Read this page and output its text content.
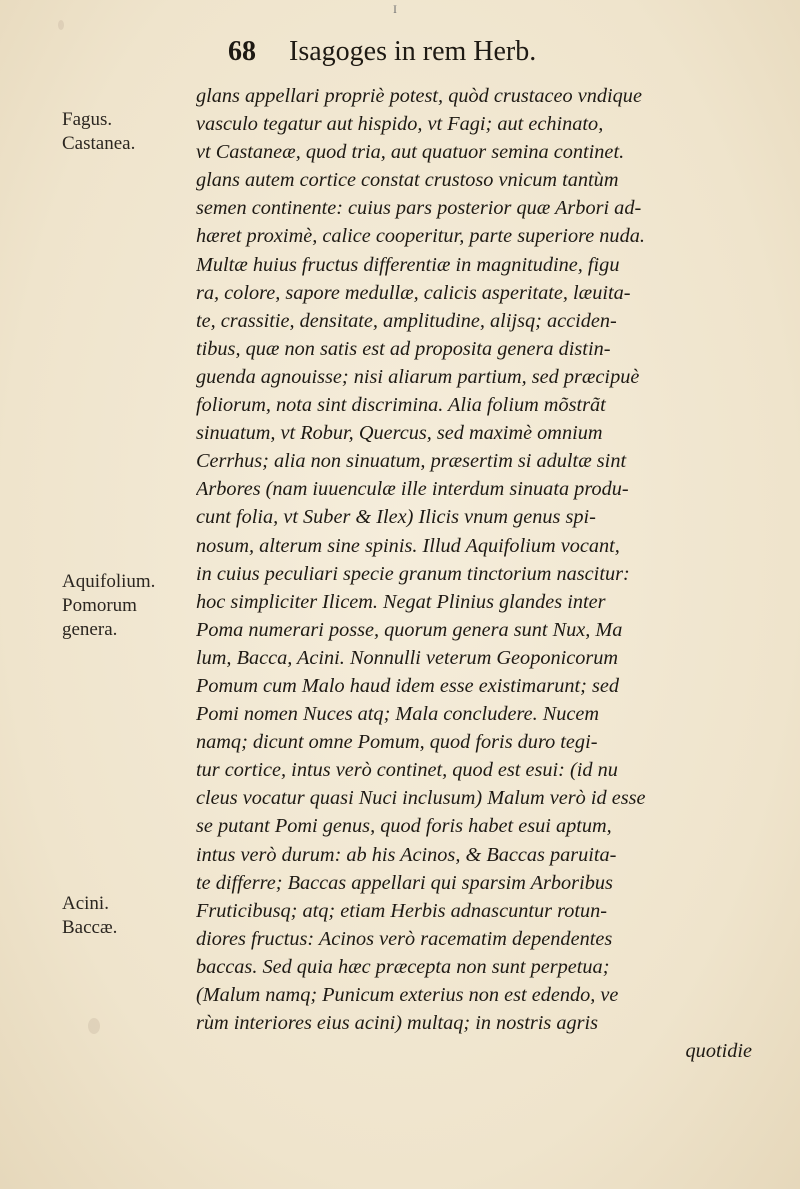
I
68 Isagoges in rem Herb.
Fagus.
Castanea.
Aquifolium.
Pomorum
genera.
Acini.
Baccæ.
glans appellari propriè potest, quòd crustaceo vndique
vasculo tegatur aut hispido, vt Fagi; aut echinato,
vt Castaneæ, quod tria, aut quatuor semina continet.
glans autem cortice constat crustoso vnicum tantùm
semen continente: cuius pars posterior quæ Arbori ad-
hæret proximè, calice cooperitur, parte superiore nuda.
Multæ huius fructus differentiæ in magnitudine, figu
ra, colore, sapore medullæ, calicis asperitate, læuita-
te, crassitie, densitate, amplitudine, alijsq; acciden-
tibus, quæ non satis est ad proposita genera distin-
guenda agnouisse; nisi aliarum partium, sed præcipuè
foliorum, nota sint discrimina. Alia folium mõstrãt
sinuatum, vt Robur, Quercus, sed maximè omnium
Cerrhus; alia non sinuatum, præsertim si adultæ sint
Arbores (nam iuuenculæ ille interdum sinuata produ-
cunt folia, vt Suber & Ilex) Ilicis vnum genus spi-
nosum, alterum sine spinis. Illud Aquifolium vocant,
in cuius peculiari specie granum tinctorium nascitur:
hoc simpliciter Ilicem. Negat Plinius glandes inter
Poma numerari posse, quorum genera sunt Nux, Ma
lum, Bacca, Acini. Nonnulli veterum Geoponicorum
Pomum cum Malo haud idem esse existimarunt; sed
Pomi nomen Nuces atq; Mala concludere. Nucem
namq; dicunt omne Pomum, quod foris duro tegi-
tur cortice, intus verò continet, quod est esui: (id nu
cleus vocatur quasi Nuci inclusum) Malum verò id esse
se putant Pomi genus, quod foris habet esui aptum,
intus verò durum: ab his Acinos, & Baccas paruita-
te differre; Baccas appellari qui sparsim Arboribus
Fruticibusq; atq; etiam Herbis adnascuntur rotun-
diores fructus: Acinos verò racematim dependentes
baccas. Sed quia hæc præcepta non sunt perpetua;
(Malum namq; Punicum exterius non est edendo, ve
rùm interiores eius acini) multaq; in nostris agris
quotidie
